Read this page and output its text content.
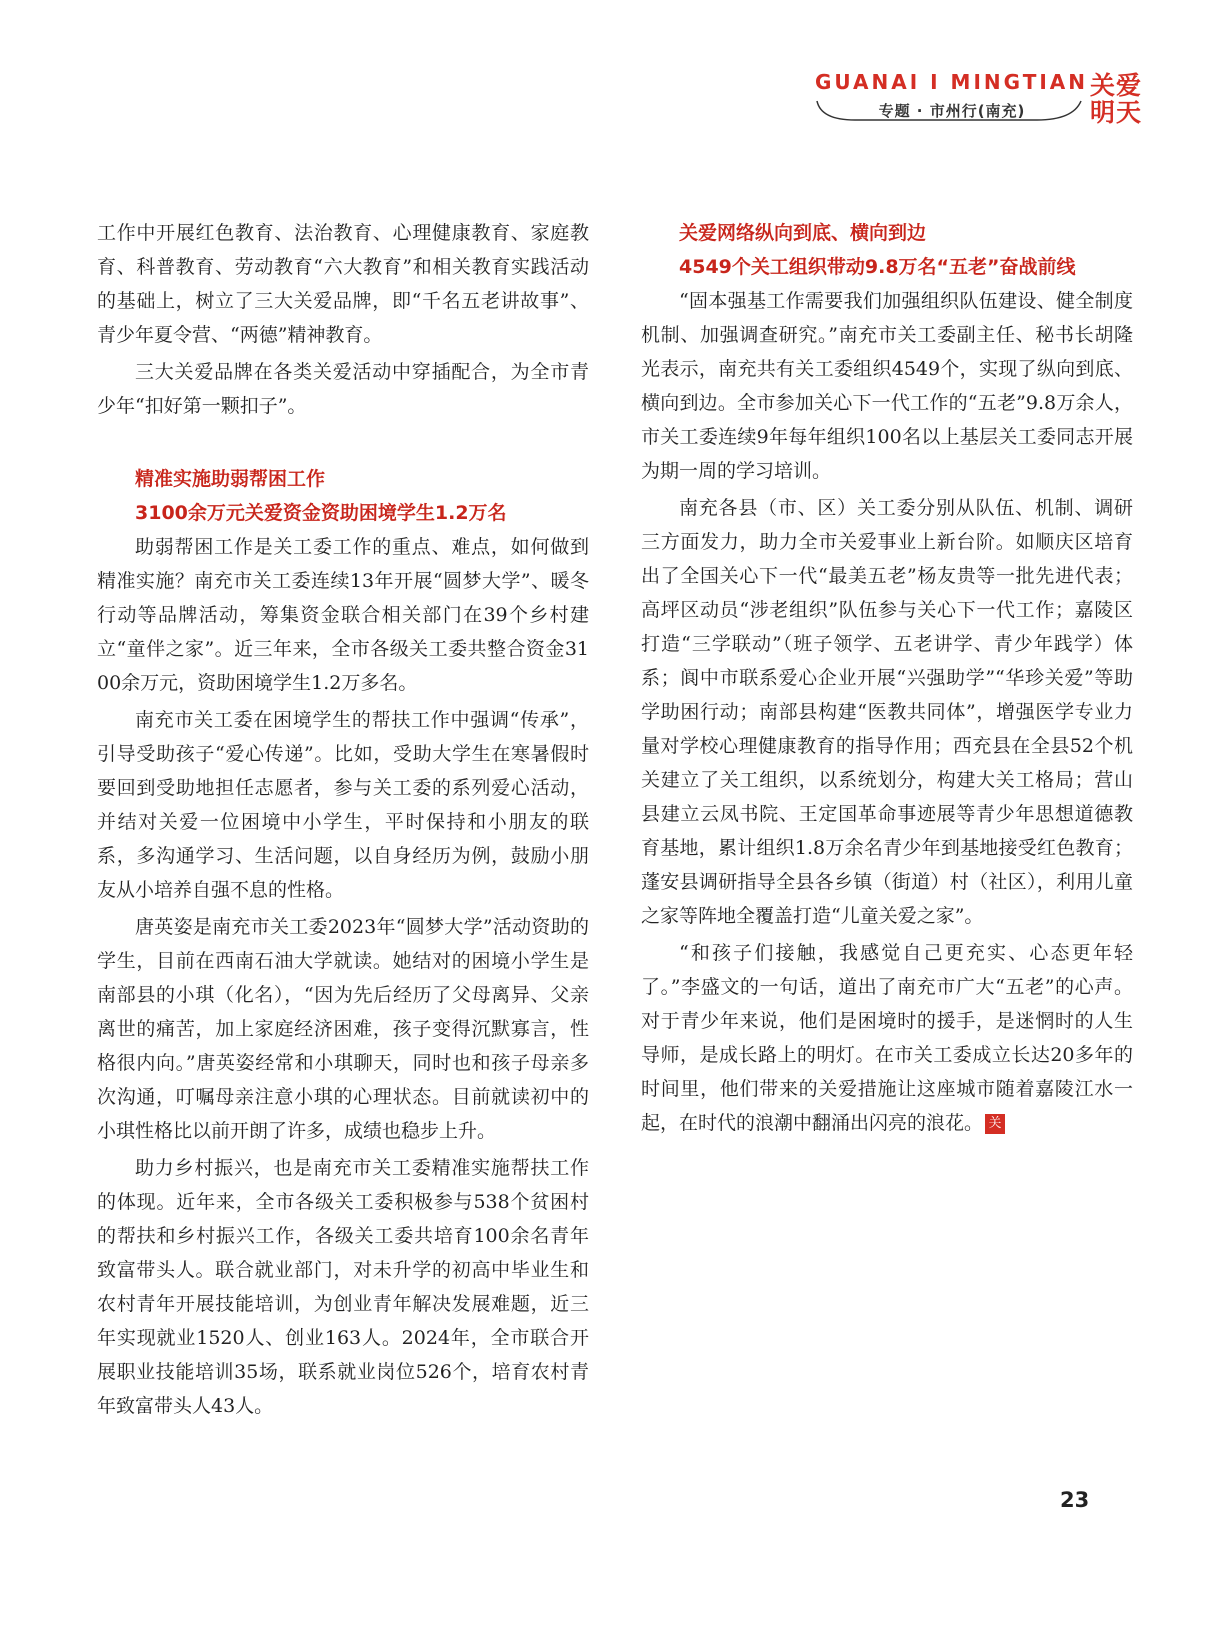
GUANAI I MINGTIAN
专题 · 市州行(南充)
关爱明天

工作中开展红色教育、法治教育、心理健康教育、家庭教育、科普教育、劳动教育“六大教育”和相关教育实践活动的基础上，树立了三大关爱品牌，即“千名五老讲故事”、青少年夏令营、“两德”精神教育。

三大关爱品牌在各类关爱活动中穿插配合，为全市青少年“扣好第一颗扣子”。

精准实施助弱帮困工作
3100余万元关爱资金资助困境学生1.2万名

助弱帮困工作是关工委工作的重点、难点，如何做到精准实施？南充市关工委连续13年开展“圆梦大学”、暖冬行动等品牌活动，筹集资金联合相关部门在39个乡村建立“童伴之家”。近三年来，全市各级关工委共整合资金3100余万元，资助困境学生1.2万多名。

南充市关工委在困境学生的帮扶工作中强调“传承”，引导受助孩子“爱心传递”。比如，受助大学生在寒暑假时要回到受助地担任志愿者，参与关工委的系列爱心活动，并结对关爱一位困境中小学生，平时保持和小朋友的联系，多沟通学习、生活问题，以自身经历为例，鼓励小朋友从小培养自强不息的性格。

唐英姿是南充市关工委2023年“圆梦大学”活动资助的学生，目前在西南石油大学就读。她结对的困境小学生是南部县的小琪（化名），“因为先后经历了父母离异、父亲离世的痛苦，加上家庭经济困难，孩子变得沉默寡言，性格很内向。”唐英姿经常和小琪聊天，同时也和孩子母亲多次沟通，叮嘱母亲注意小琪的心理状态。目前就读初中的小琪性格比以前开朗了许多，成绩也稳步上升。

助力乡村振兴，也是南充市关工委精准实施帮扶工作的体现。近年来，全市各级关工委积极参与538个贫困村的帮扶和乡村振兴工作，各级关工委共培育100余名青年致富带头人。联合就业部门，对未升学的初高中毕业生和农村青年开展技能培训，为创业青年解决发展难题，近三年实现就业1520人、创业163人。2024年，全市联合开展职业技能培训35场，联系就业岗位526个，培育农村青年致富带头人43人。

关爱网络纵向到底、横向到边
4549个关工组织带动9.8万名“五老”奋战前线

“固本强基工作需要我们加强组织队伍建设、健全制度机制、加强调查研究。”南充市关工委副主任、秘书长胡隆光表示，南充共有关工委组织4549个，实现了纵向到底、横向到边。全市参加关心下一代工作的“五老”9.8万余人，市关工委连续9年每年组织100名以上基层关工委同志开展为期一周的学习培训。

南充各县（市、区）关工委分别从队伍、机制、调研三方面发力，助力全市关爱事业上新台阶。如顺庆区培育出了全国关心下一代“最美五老”杨友贵等一批先进代表；高坪区动员“涉老组织”队伍参与关心下一代工作；嘉陵区打造“三学联动”（班子领学、五老讲学、青少年践学）体系；阆中市联系爱心企业开展“兴强助学”“华珍关爱”等助学助困行动；南部县构建“医教共同体”，增强医学专业力量对学校心理健康教育的指导作用；西充县在全县52个机关建立了关工组织，以系统划分，构建大关工格局；营山县建立云凤书院、王定国革命事迹展等青少年思想道德教育基地，累计组织1.8万余名青少年到基地接受红色教育；蓬安县调研指导全县各乡镇（街道）村（社区），利用儿童之家等阵地全覆盖打造“儿童关爱之家”。

“和孩子们接触，我感觉自己更充实、心态更年轻了。”李盛文的一句话，道出了南充市广大“五老”的心声。对于青少年来说，他们是困境时的援手，是迷惘时的人生导师，是成长路上的明灯。在市关工委成立长达20多年的时间里，他们带来的关爱措施让这座城市随着嘉陵江水一起，在时代的浪潮中翻涌出闪亮的浪花。 关

23
